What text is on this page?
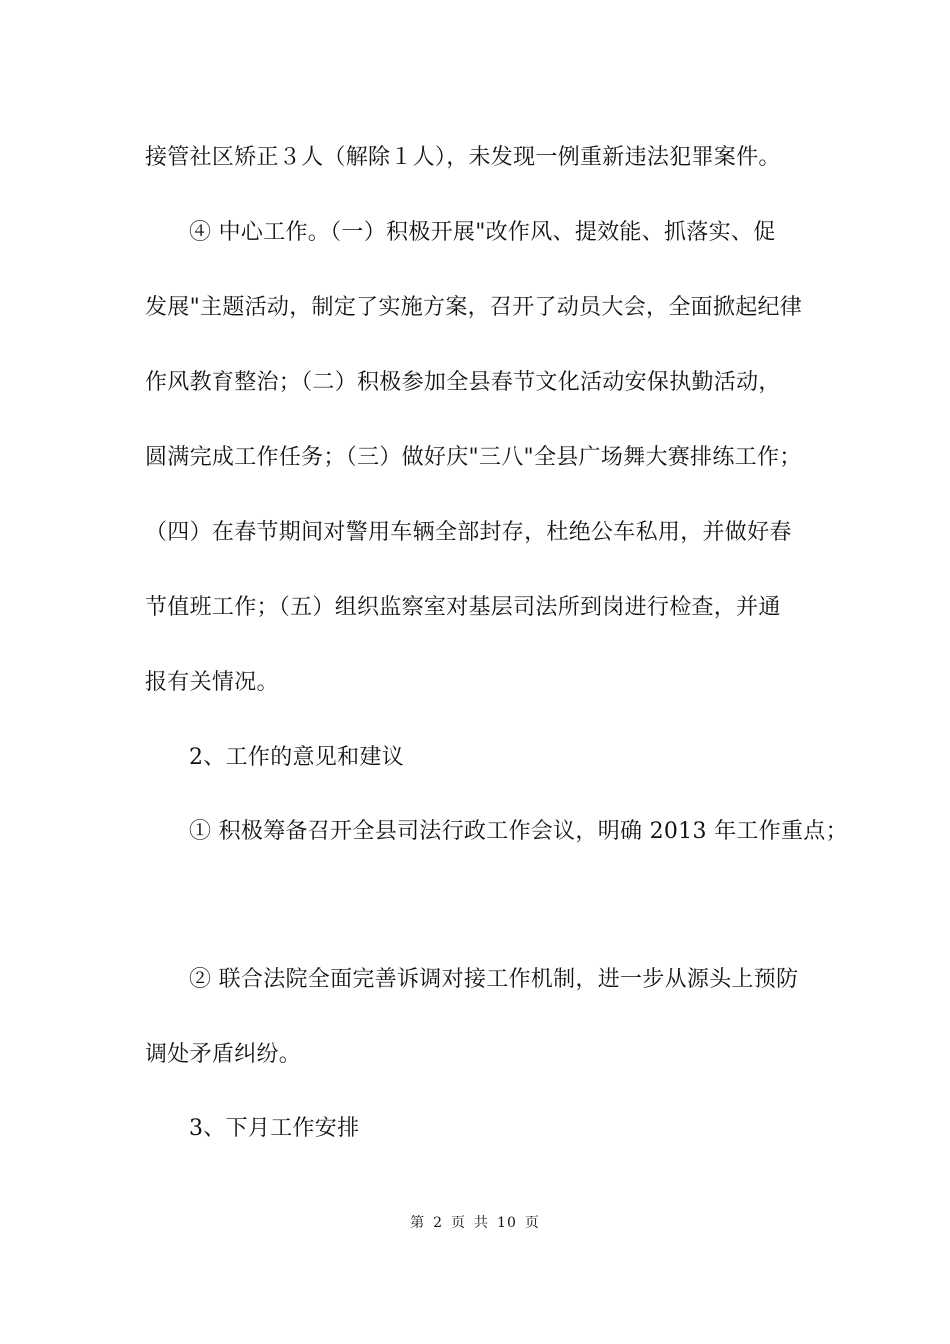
接管社区矫正３人（解除１人），未发现一例重新违法犯罪案件。
④ 中心工作。（一）积极开展"改作风、提效能、抓落实、促
发展"主题活动，制定了实施方案，召开了动员大会，全面掀起纪律
作风教育整治；（二）积极参加全县春节文化活动安保执勤活动，
圆满完成工作任务；（三）做好庆"三八"全县广场舞大赛排练工作；
（四）在春节期间对警用车辆全部封存，杜绝公车私用，并做好春
节值班工作；（五）组织监察室对基层司法所到岗进行检查，并通
报有关情况。
2、工作的意见和建议
① 积极筹备召开全县司法行政工作会议，明确 2013 年工作重点；
② 联合法院全面完善诉调对接工作机制，进一步从源头上预防
调处矛盾纠纷。
3、下月工作安排
第 2 页 共 10 页
